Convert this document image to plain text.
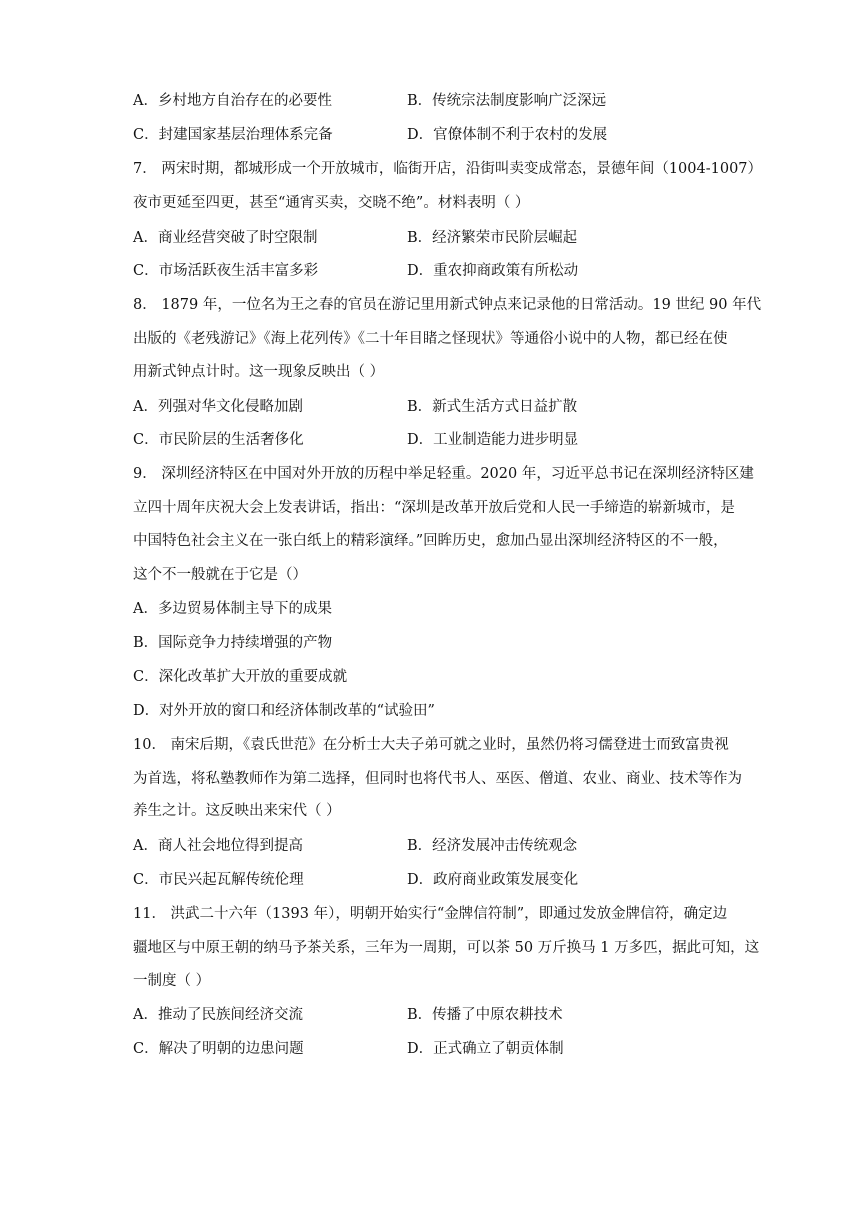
A．乡村地方自治存在的必要性	B．传统宗法制度影响广泛深远
C．封建国家基层治理体系完备	D．官僚体制不利于农村的发展
7． 两宋时期，都城形成一个开放城市，临街开店，沿街叫卖变成常态，景德年间（1004-1007）
夜市更延至四更，甚至“通宵买卖，交晓不绝”。材料表明（ ）
A．商业经营突破了时空限制	B．经济繁荣市民阶层崛起
C．市场活跃夜生活丰富多彩	D．重农抑商政策有所松动
8． 1879 年，一位名为王之春的官员在游记里用新式钟点来记录他的日常活动。19 世纪 90 年代
出版的《老残游记》《海上花列传》《二十年目睹之怪现状》等通俗小说中的人物，都已经在使
用新式钟点计时。这一现象反映出（ ）
A．列强对华文化侵略加剧	B．新式生活方式日益扩散
C．市民阶层的生活奢侈化	D．工业制造能力进步明显
9． 深圳经济特区在中国对外开放的历程中举足轻重。2020 年，习近平总书记在深圳经济特区建
立四十周年庆祝大会上发表讲话，指出：“深圳是改革开放后党和人民一手缔造的崭新城市，是
中国特色社会主义在一张白纸上的精彩演绎。”回眸历史，愈加凸显出深圳经济特区的不一般，
这个不一般就在于它是（）
A．多边贸易体制主导下的成果
B．国际竞争力持续增强的产物
C．深化改革扩大开放的重要成就
D．对外开放的窗口和经济体制改革的“试验田”
10． 南宋后期，《袁氏世范》在分析士大夫子弟可就之业时，虽然仍将习儒登进士而致富贵视
为首选，将私塾教师作为第二选择，但同时也将代书人、巫医、僧道、农业、商业、技术等作为
养生之计。这反映出来宋代（ ）
A．商人社会地位得到提高	B．经济发展冲击传统观念
C．市民兴起瓦解传统伦理	D．政府商业政策发展变化
11． 洪武二十六年（1393 年），明朝开始实行“金牌信符制”，即通过发放金牌信符，确定边
疆地区与中原王朝的纳马予茶关系，三年为一周期，可以茶 50 万斤换马 1 万多匹，据此可知，这
一制度（ ）
A．推动了民族间经济交流	B．传播了中原农耕技术
C．解决了明朝的边患问题	D．正式确立了朝贡体制
